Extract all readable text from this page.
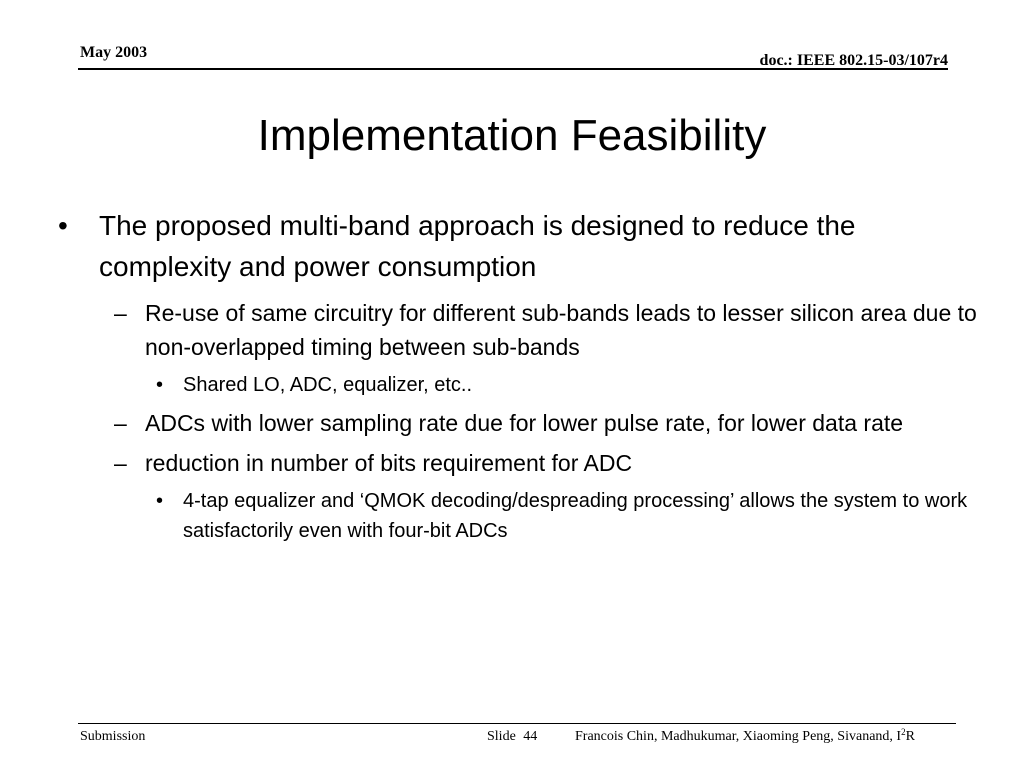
May 2003	doc.: IEEE 802.15-03/107r4
Implementation Feasibility
• The proposed multi-band approach is designed to reduce the complexity and power consumption
– Re-use of same circuitry for different sub-bands leads to lesser silicon area due to non-overlapped timing between sub-bands
• Shared LO, ADC, equalizer, etc..
– ADCs with lower sampling rate due for lower pulse rate, for lower data rate
– reduction in number of bits requirement for ADC
• 4-tap equalizer and ‘QMOK decoding/despreading processing’ allows the system to work satisfactorily even with four-bit ADCs
Submission	Slide 44	Francois Chin, Madhukumar, Xiaoming Peng, Sivanand, $I^2R$
